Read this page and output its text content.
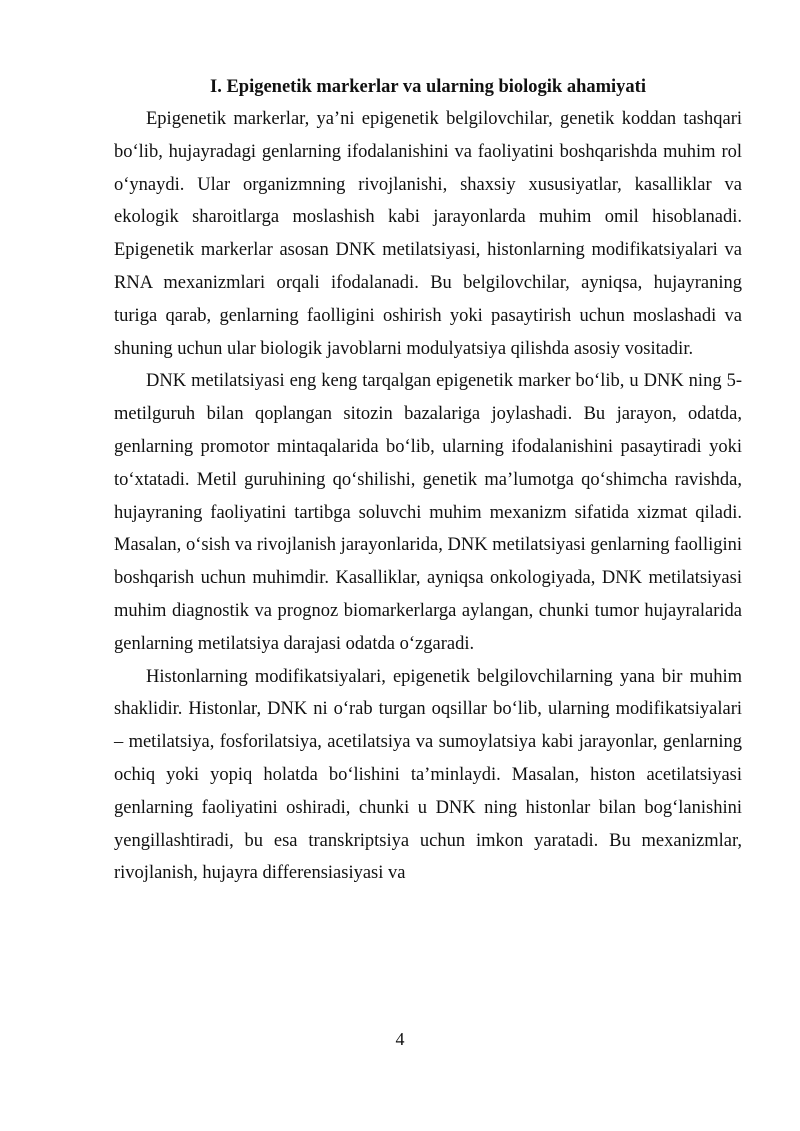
I. Epigenetik markerlar va ularning biologik ahamiyati

Epigenetik markerlar, ya’ni epigenetik belgilovchilar, genetik koddan tashqari bo‘lib, hujayradagi genlarning ifodalanishini va faoliyatini boshqarishda muhim rol o‘ynaydi. Ular organizmning rivojlanishi, shaxsiy xususiyatlar, kasalliklar va ekologik sharoitlarga moslashish kabi jarayonlarda muhim omil hisoblanadi. Epigenetik markerlar asosan DNK metilatsiyasi, histonlarning modifikatsiyalari va RNA mexanizmlari orqali ifodalanadi. Bu belgilovchilar, ayniqsa, hujayraning turiga qarab, genlarning faolligini oshirish yoki pasaytirish uchun moslashadi va shuning uchun ular biologik javoblarni modulyatsiya qilishda asosiy vositadir.

DNK metilatsiyasi eng keng tarqalgan epigenetik marker bo‘lib, u DNK ning 5-metilguruh bilan qoplangan sitozin bazalariga joylashadi. Bu jarayon, odatda, genlarning promotor mintaqalarida bo‘lib, ularning ifodalanishini pasaytiradi yoki to‘xtatadi. Metil guruhining qo‘shilishi, genetik ma’lumotga qo‘shimcha ravishda, hujayraning faoliyatini tartibga soluvchi muhim mexanizm sifatida xizmat qiladi. Masalan, o‘sish va rivojlanish jarayonlarida, DNK metilatsiyasi genlarning faolligini boshqarish uchun muhimdir. Kasalliklar, ayniqsa onkologiyada, DNK metilatsiyasi muhim diagnostik va prognoz biomarkerlarga aylangan, chunki tumor hujayralarida genlarning metilatsiya darajasi odatda o‘zgaradi.

Histonlarning modifikatsiyalari, epigenetik belgilovchilarning yana bir muhim shaklidir. Histonlar, DNK ni o‘rab turgan oqsillar bo‘lib, ularning modifikatsiyalari – metilatsiya, fosforilatsiya, acetilatsiya va sumoylatsiya kabi jarayonlar, genlarning ochiq yoki yopiq holatda bo‘lishini ta’minlaydi. Masalan, histon acetilatsiyasi genlarning faoliyatini oshiradi, chunki u DNK ning histonlar bilan bog‘lanishini yengillashtiradi, bu esa transkriptsiya uchun imkon yaratadi. Bu mexanizmlar, rivojlanish, hujayra differensiasiyasi va

4
